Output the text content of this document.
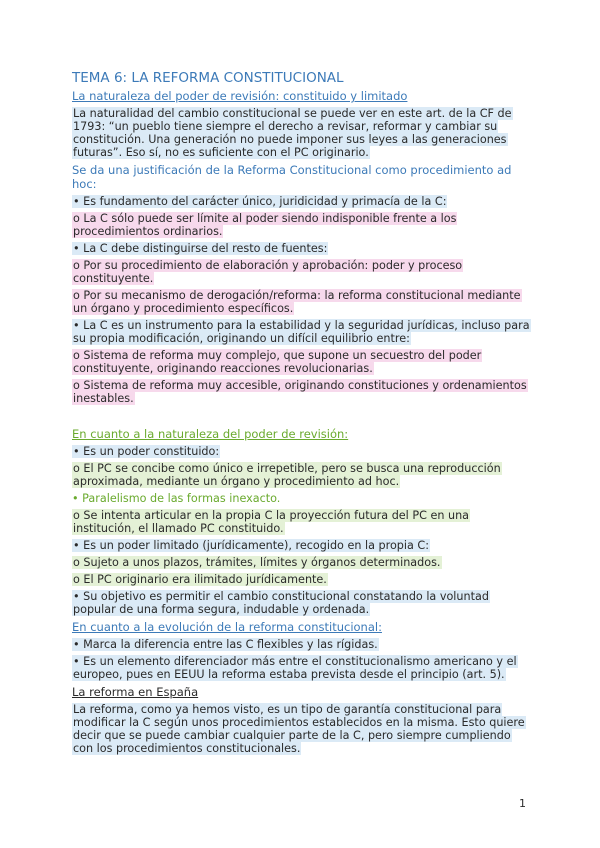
TEMA 6: LA REFORMA CONSTITUCIONAL
La naturaleza del poder de revisión: constituido y limitado

La naturalidad del cambio constitucional se puede ver en este art. de la CF de 1793: “un pueblo tiene siempre el derecho a revisar, reformar y cambiar su constitución. Una generación no puede imponer sus leyes a las generaciones futuras”. Eso sí, no es suficiente con el PC originario.

Se da una justificación de la Reforma Constitucional como procedimiento ad hoc:

• Es fundamento del carácter único, juridicidad y primacía de la C:

o La C sólo puede ser límite al poder siendo indisponible frente a los procedimientos ordinarios.

• La C debe distinguirse del resto de fuentes:

o Por su procedimiento de elaboración y aprobación: poder y proceso constituyente.

o Por su mecanismo de derogación/reforma: la reforma constitucional mediante un órgano y procedimiento específicos.

• La C es un instrumento para la estabilidad y la seguridad jurídicas, incluso para su propia modificación, originando un difícil equilibrio entre:

o Sistema de reforma muy complejo, que supone un secuestro del poder constituyente, originando reacciones revolucionarias.

o Sistema de reforma muy accesible, originando constituciones y ordenamientos inestables.

En cuanto a la naturaleza del poder de revisión:

• Es un poder constituido:

o El PC se concibe como único e irrepetible, pero se busca una reproducción aproximada, mediante un órgano y procedimiento ad hoc.

• Paralelismo de las formas inexacto.

o Se intenta articular en la propia C la proyección futura del PC en una institución, el llamado PC constituido.

• Es un poder limitado (jurídicamente), recogido en la propia C:

o Sujeto a unos plazos, trámites, límites y órganos determinados.

o El PC originario era ilimitado jurídicamente.

• Su objetivo es permitir el cambio constitucional constatando la voluntad popular de una forma segura, indudable y ordenada.

En cuanto a la evolución de la reforma constitucional:

• Marca la diferencia entre las C flexibles y las rígidas.

• Es un elemento diferenciador más entre el constitucionalismo americano y el europeo, pues en EEUU la reforma estaba prevista desde el principio (art. 5).

La reforma en España

La reforma, como ya hemos visto, es un tipo de garantía constitucional para modificar la C según unos procedimientos establecidos en la misma. Esto quiere decir que se puede cambiar cualquier parte de la C, pero siempre cumpliendo con los procedimientos constitucionales.

1
